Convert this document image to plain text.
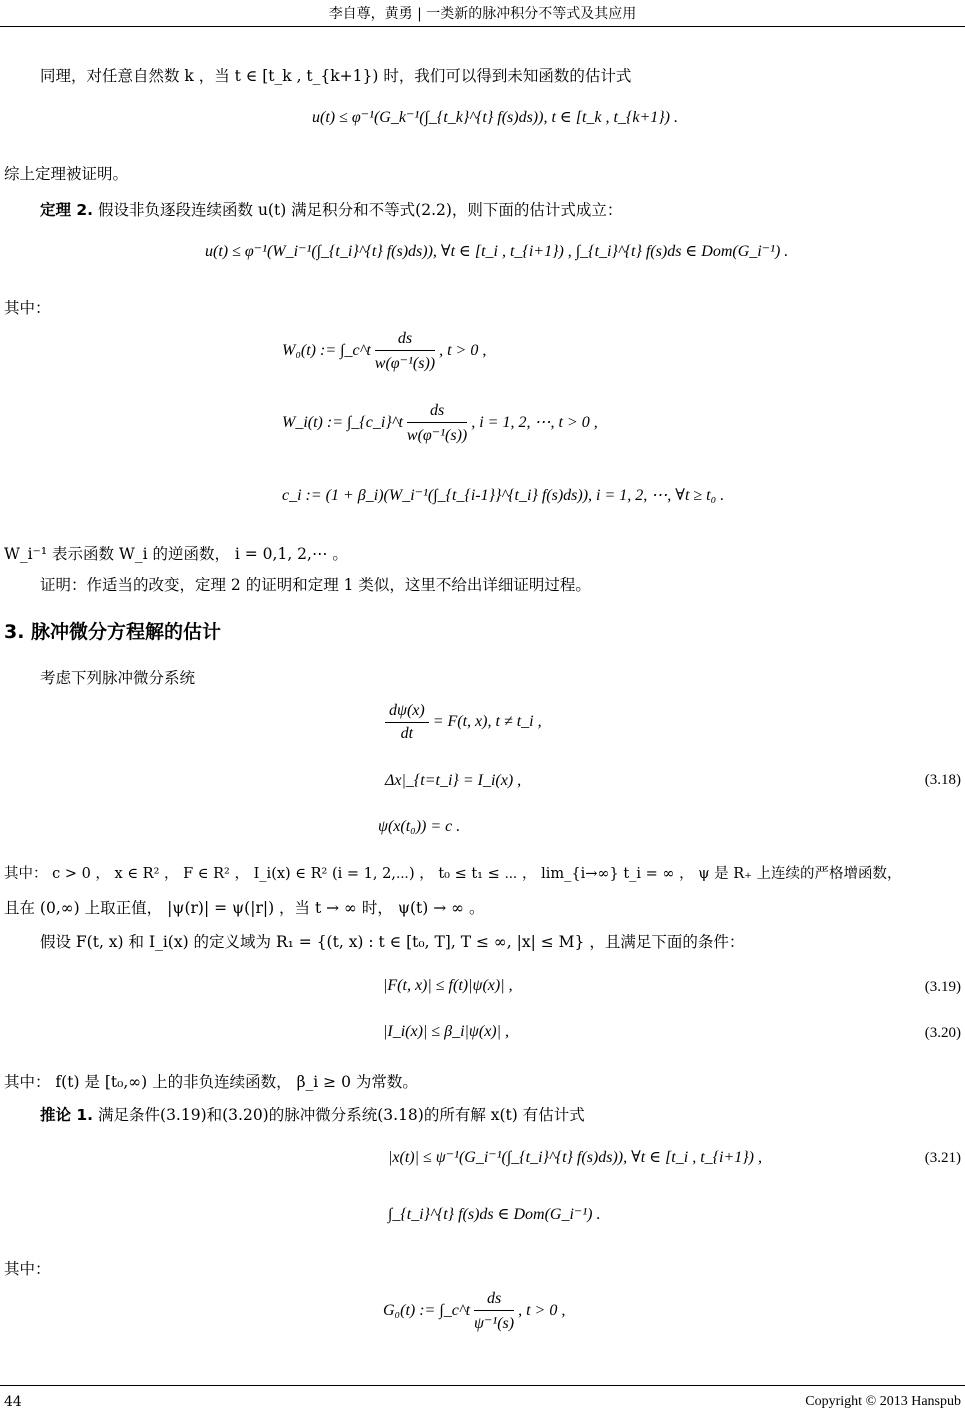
李自尊，黄勇 | 一类新的脉冲积分不等式及其应用
同理，对任意自然数 k ，当 t ∈ [t_k , t_{k+1}) 时，我们可以得到未知函数的估计式
u(t) ≤ φ⁻¹(G_k⁻¹(∫_{t_k}^{t} f(s)ds)), t ∈ [t_k , t_{k+1}) .
综上定理被证明。
定理 2. 假设非负逐段连续函数 u(t) 满足积分和不等式(2.2)，则下面的估计式成立：
u(t) ≤ φ⁻¹(W_i⁻¹(∫_{t_i}^{t} f(s)ds)), ∀t ∈ [t_i , t_{i+1}) , ∫_{t_i}^{t} f(s)ds ∈ Dom(G_i⁻¹) .
其中：
W₀(t) := ∫_c^t $\frac{ds}{\text{w(φ⁻¹(s))}}$ , t > 0 ,
W_i(t) := ∫_{c_i}^t $\frac{ds}{\text{w(φ⁻¹(s))}}$ , i = 1, 2, ⋯, t > 0 ,
c_i := (1 + β_i)(W_i⁻¹(∫_{t_{i-1}}^{t_i} f(s)ds)), i = 1, 2, ⋯, ∀t ≥ t₀ .
W_i⁻¹ 表示函数 W_i 的逆函数， i = 0,1, 2,⋯ 。
证明：作适当的改变，定理 2 的证明和定理 1 类似，这里不给出详细证明过程。
3. 脉冲微分方程解的估计
考虑下列脉冲微分系统
$\frac{d\psi(x)}{dt} = F(t$, x), t ≠ t_i ,
Δx|_{t=t_i} = I_i(x) ,	(3.18)
ψ(x(t₀)) = c .
其中： c > 0 ， x ∈ R² ， F ∈ R² ， I_i(x) ∈ R² (i = 1, 2,⋯) ， t₀ ≤ t₁ ≤ ⋯ ， lim_{i→∞} t_i = ∞ ， ψ 是 R₊ 上连续的严格增函数，
且在 (0,∞) 上取正值， |ψ(r)| = ψ(|r|) ，当 t → ∞ 时， ψ(t) → ∞ 。
假设 F(t, x) 和 I_i(x) 的定义域为 R₁ = {(t, x) : t ∈ [t₀, T], T ≤ ∞, |x| ≤ M} ，且满足下面的条件：
|F(t, x)| ≤ f(t)|ψ(x)| ,	(3.19)
|I_i(x)| ≤ β_i|ψ(x)| ,	(3.20)
其中： f(t) 是 [t₀,∞) 上的非负连续函数， β_i ≥ 0 为常数。
推论 1. 满足条件(3.19)和(3.20)的脉冲微分系统(3.18)的所有解 x(t) 有估计式
|x(t)| ≤ ψ⁻¹(G_i⁻¹(∫_{t_i}^{t} f(s)ds)), ∀t ∈ [t_i , t_{i+1}) ,	(3.21)
∫_{t_i}^{t} f(s)ds ∈ Dom(G_i⁻¹) .
其中：
G₀(t) := ∫_c^t $\frac{ds}{\text{ψ⁻¹(s)}}$ , t > 0 ,
44	Copyright © 2013 Hanspub
